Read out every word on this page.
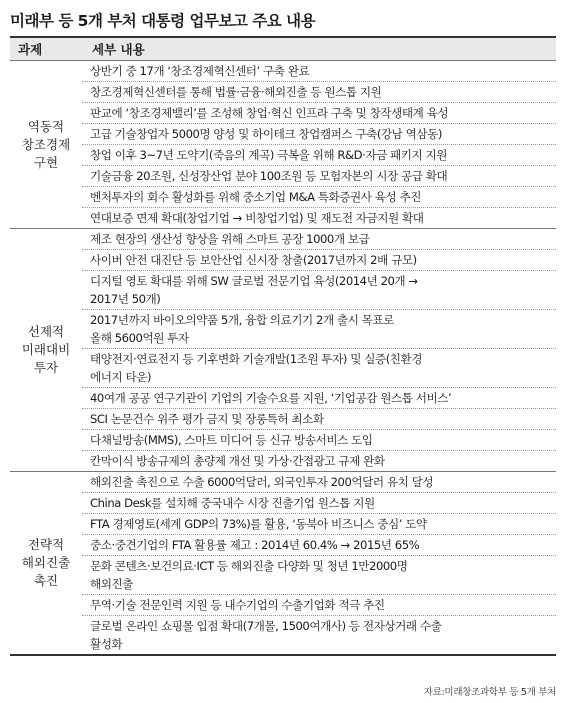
미래부 등 5개 부처 대통령 업무보고 주요 내용
과제	세부 내용
역동적
창조경제
구현
상반기 중 17개 ‘창조경제혁신센터’ 구축 완료
창조경제혁신센터를 통해 법률·금융·해외진출 등 원스톱 지원
판교에 ‘창조경제밸리’를 조성해 창업·혁신 인프라 구축 및 창작생태계 육성
고급 기술창업자 5000명 양성 및 하이테크 창업캠퍼스 구축(강남 역삼동)
창업 이후 3~7년 도약기(죽음의 계곡) 극복을 위해 R&D·자금 패키지 지원
기술금융 20조원, 신성장산업 분야 100조원 등 모험자본의 시장 공급 확대
벤처투자의 회수 활성화를 위해 중소기업 M&A 특화증권사 육성 추진
연대보증 면제 확대(창업기업 → 비창업기업) 및 재도전 자금지원 확대
선제적
미래대비
투자
제조 현장의 생산성 향상을 위해 스마트 공장 1000개 보급
사이버 안전 대진단 등 보안산업 신시장 창출(2017년까지 2배 규모)
디지털 영토 확대를 위해 SW 글로벌 전문기업 육성(2014년 20개 →
2017년 50개)
2017년까지 바이오의약품 5개, 융합 의료기기 2개 출시 목표로
올해 5600억원 투자
태양전지·연료전지 등 기후변화 기술개발(1조원 투자) 및 실증(친환경
에너지 타운)
40여개 공공 연구기관이 기업의 기술수요를 지원, ‘기업공감 원스톱 서비스’
SCI 논문건수 위주 평가 금지 및 장롱특허 최소화
다채널방송(MMS), 스마트 미디어 등 신규 방송서비스 도입
칸막이식 방송규제의 총량제 개선 및 가상·간접광고 규제 완화
전략적
해외진출
촉진
해외진출 촉진으로 수출 6000억달러, 외국인투자 200억달러 유치 달성
China Desk를 설치해 중국내수 시장 진출기업 원스톱 지원
FTA 경제영토(세계 GDP의 73%)를 활용, ‘동북아 비즈니스 중심’ 도약
중소·중견기업의 FTA 활용률 제고 : 2014년 60.4% → 2015년 65%
문화 콘텐츠·보건의료·ICT 등 해외진출 다양화 및 청년 1만2000명
해외진출
무역·기술 전문인력 지원 등 내수기업의 수출기업화 적극 추진
글로벌 온라인 쇼핑몰 입점 확대(7개몰, 1500여개사) 등 전자상거래 수출
활성화
자료:미래창조과학부 등 5개 부처
